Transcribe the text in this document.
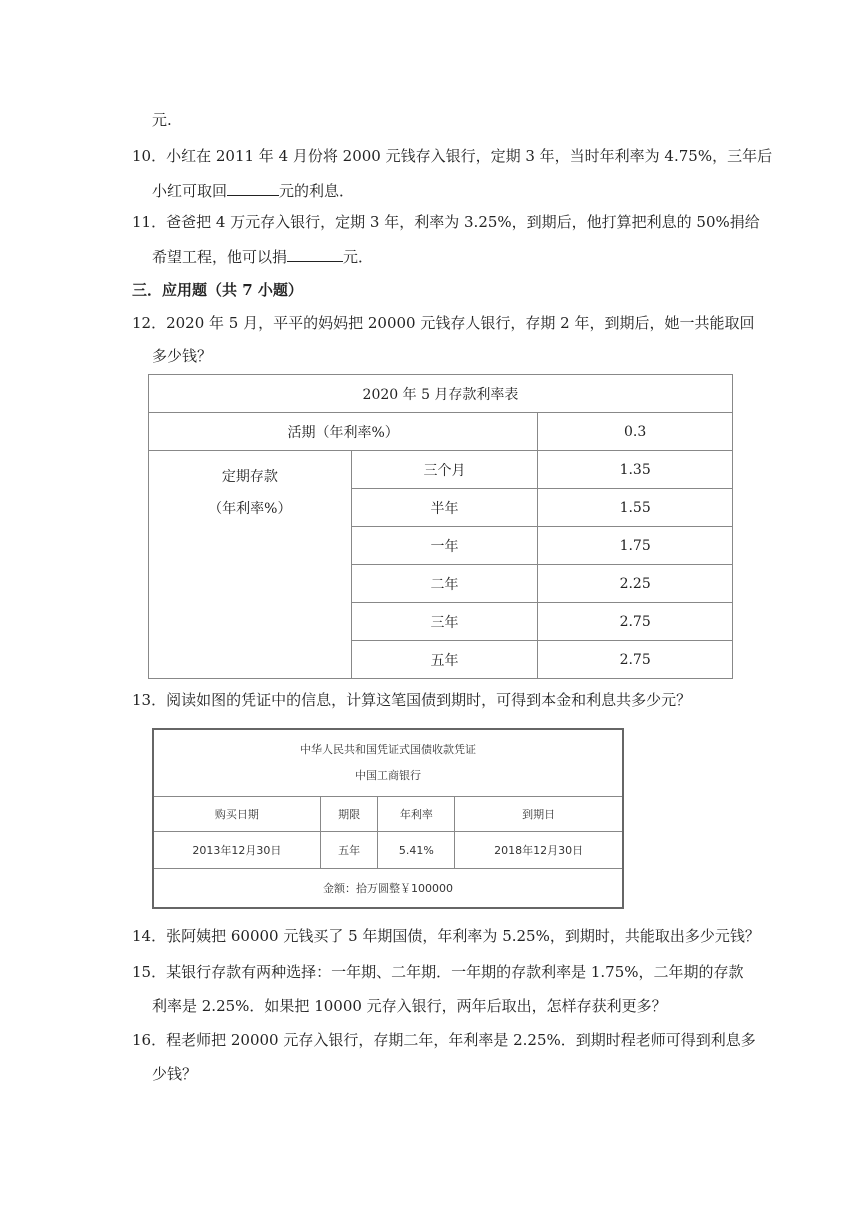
元.
10．小红在 2011 年 4 月份将 2000 元钱存入银行，定期 3 年，当时年利率为 4.75%，三年后
小红可取回	元的利息．
11．爸爸把 4 万元存入银行，定期 3 年，利率为 3.25%，到期后，他打算把利息的 50%捐给
希望工程，他可以捐	元．
三．应用题（共 7 小题）
12．2020 年 5 月，平平的妈妈把 20000 元钱存人银行，存期 2 年，到期后，她一共能取回
多少钱？
2020 年 5 月存款利率表		
活期（年利率%）		0.3

定期存款
（年利率%）	三个月	1.35
	半年	1.55
	一年	1.75
	二年	2.25
	三年	2.75
	五年	2.75
13．阅读如图的凭证中的信息，计算这笔国债到期时，可得到本金和利息共多少元？
中华人民共和国凭证式国债收款凭证
中国工商银行			

购买日期	期限	年利率	到期日
2013年12月30日	五年	5.41%	2018年12月30日
金额：拾万圆整￥100000			
14．张阿姨把 60000 元钱买了 5 年期国债，年利率为 5.25%，到期时，共能取出多少元钱？
15．某银行存款有两种选择：一年期、二年期．一年期的存款利率是 1.75%，二年期的存款
利率是 2.25%．如果把 10000 元存入银行，两年后取出，怎样存获利更多？
16．程老师把 20000 元存入银行，存期二年，年利率是 2.25%．到期时程老师可得到利息多
少钱？
